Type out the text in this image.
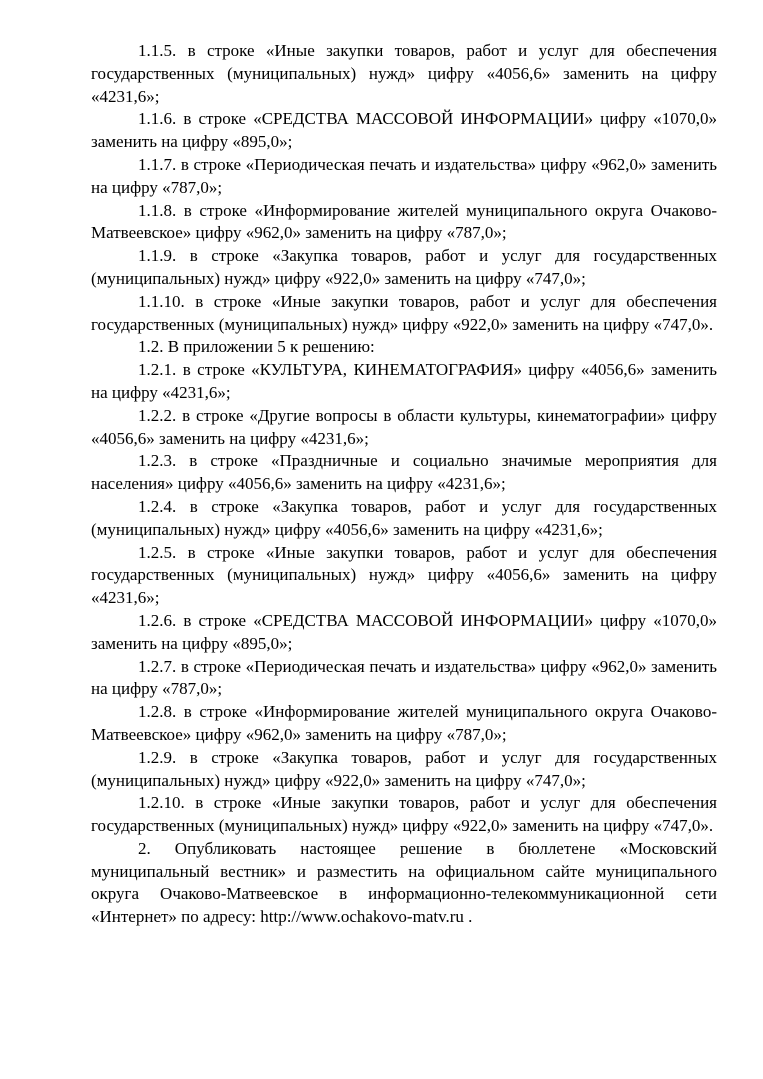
1.1.5. в строке «Иные закупки товаров, работ и услуг для обеспечения государственных (муниципальных) нужд» цифру «4056,6» заменить на цифру «4231,6»;

1.1.6. в строке «СРЕДСТВА МАССОВОЙ ИНФОРМАЦИИ» цифру «1070,0» заменить на цифру «895,0»;

1.1.7. в строке «Периодическая печать и издательства» цифру «962,0» заменить на цифру «787,0»;

1.1.8. в строке «Информирование жителей муниципального округа Очаково-Матвеевское» цифру «962,0» заменить на цифру «787,0»;

1.1.9. в строке «Закупка товаров, работ и услуг для государственных (муниципальных) нужд» цифру «922,0» заменить на цифру «747,0»;

1.1.10. в строке «Иные закупки товаров, работ и услуг для обеспечения государственных (муниципальных) нужд» цифру «922,0» заменить на цифру «747,0».

1.2. В приложении 5 к решению:

1.2.1. в строке «КУЛЬТУРА, КИНЕМАТОГРАФИЯ» цифру «4056,6» заменить на цифру «4231,6»;

1.2.2. в строке «Другие вопросы в области культуры, кинематографии» цифру «4056,6» заменить на цифру «4231,6»;

1.2.3. в строке «Праздничные и социально значимые мероприятия для населения» цифру «4056,6» заменить на цифру «4231,6»;

1.2.4. в строке «Закупка товаров, работ и услуг для государственных (муниципальных) нужд» цифру «4056,6» заменить на цифру «4231,6»;

1.2.5. в строке «Иные закупки товаров, работ и услуг для обеспечения государственных (муниципальных) нужд» цифру «4056,6» заменить на цифру «4231,6»;

1.2.6. в строке «СРЕДСТВА МАССОВОЙ ИНФОРМАЦИИ» цифру «1070,0» заменить на цифру «895,0»;

1.2.7. в строке «Периодическая печать и издательства» цифру «962,0» заменить на цифру «787,0»;

1.2.8. в строке «Информирование жителей муниципального округа Очаково-Матвеевское» цифру «962,0» заменить на цифру «787,0»;

1.2.9. в строке «Закупка товаров, работ и услуг для государственных (муниципальных) нужд» цифру «922,0» заменить на цифру «747,0»;

1.2.10. в строке «Иные закупки товаров, работ и услуг для обеспечения государственных (муниципальных) нужд» цифру «922,0» заменить на цифру «747,0».

2. Опубликовать настоящее решение в бюллетене «Московский муниципальный вестник» и разместить на официальном сайте муниципального округа Очаково-Матвеевское в информационно-телекоммуникационной сети «Интернет» по адресу: http://www.ochakovo-matv.ru .
